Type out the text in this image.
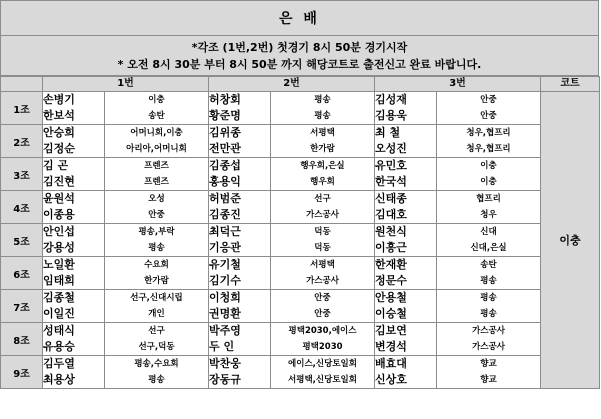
은 배
*각조 (1번,2번) 첫경기 8시 50분 경기시작
* 오전 8시 30분 부터 8시 50분 까지 해당코트로 출전신고 완료 바랍니다.
	1번		2번		3번		코트
1조	손병기	이충	허창회	평송	김성재	안중	이충
	한보석	송탄	황준명	평송	김용욱	안중	
2조	안승희	어머니회,이충	김위종	서평택	최 철	청우,협프리	
	김정순	아리아,어머니회	전만관	한가람	오성진	청우,협프리	
3조	김 곤	프렌즈	김종섭	행우회,은실	유민호	이충	
	김진현	프렌즈	홍용익	행우회	한국석	이충	
4조	윤원석	오성	허범준	선구	신태종	협프리	
	이종용	안중	김종진	가스공사	김대호	청우	
5조	안인섭	평송,부락	최덕근	덕동	원천식	신대	
	강용성	평송	기응관	덕동	이흥근	신대,은실	
6조	노일환	수요회	유기철	서평택	한재환	송탄	
	임태희	한가람	김기수	가스공사	정문수	평송	
7조	김종철	선구,신대시립	이청희	안중	안용철	평송	
	이일진	개인	권명환	안중	이승철	평송	
8조	성태식	선구	박주영	평택2030,에이스	김보연	가스공사	
	유용승	선구,덕동	두 인	평택2030	변경석	가스공사	
9조	김두열	평송,수요회	박찬웅	에이스,신당토일회	배효대	향교	
	최용상	평송	장동규	서평택,신당토일회	신상호	향교	
